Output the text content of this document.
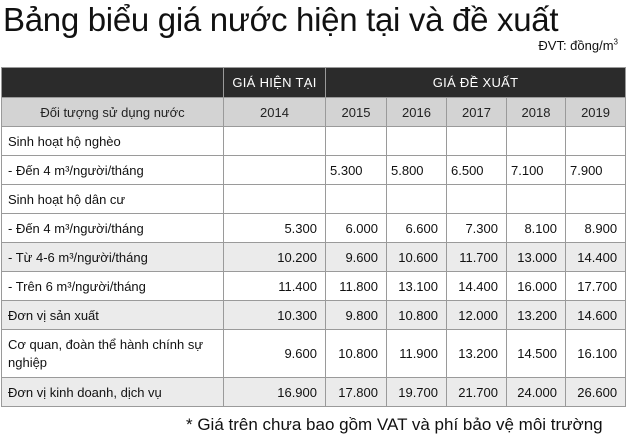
Bảng biểu giá nước hiện tại và đề xuất
ĐVT: đồng/$m^3$
	GIÁ HIỆN TẠI	GIÁ ĐỀ XUẤT				
Đối tượng sử dụng nước	2014	2015	2016	2017	2018	2019
Sinh hoạt hộ nghèo						
- Đến 4 m³/người/tháng		5.300	5.800	6.500	7.100	7.900
Sinh hoạt hộ dân cư						
- Đến 4 m³/người/tháng	5.300	6.000	6.600	7.300	8.100	8.900
- Từ 4-6 m³/người/tháng	10.200	9.600	10.600	11.700	13.000	14.400
- Trên 6 m³/người/tháng	11.400	11.800	13.100	14.400	16.000	17.700
Đơn vị sản xuất	10.300	9.800	10.800	12.000	13.200	14.600
Cơ quan, đoàn thể hành chính sự nghiệp	9.600	10.800	11.900	13.200	14.500	16.100
Đơn vị kinh doanh, dịch vụ	16.900	17.800	19.700	21.700	24.000	26.600
* Giá trên chưa bao gồm VAT và phí bảo vệ môi trường
